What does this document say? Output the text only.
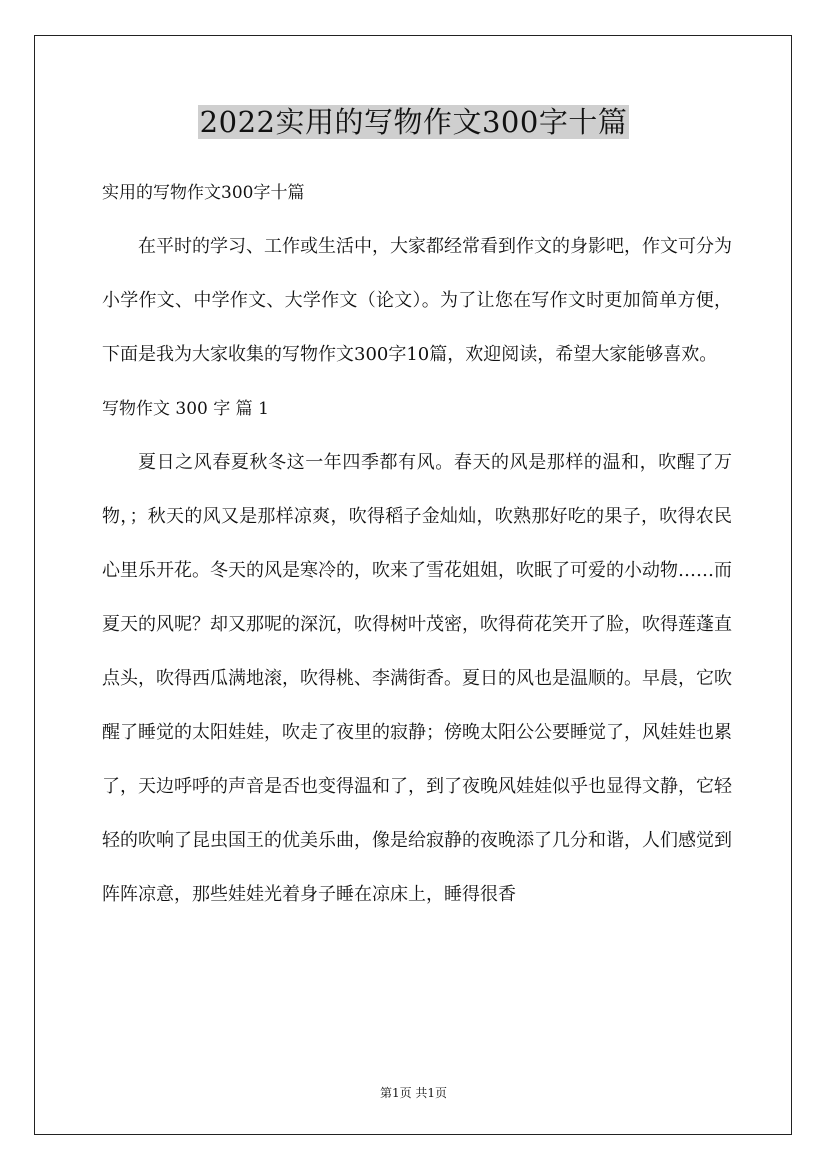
2022实用的写物作文300字十篇

实用的写物作文300字十篇

在平时的学习、工作或生活中，大家都经常看到作文的身影吧，作文可分为小学作文、中学作文、大学作文（论文）。为了让您在写作文时更加简单方便，下面是我为大家收集的写物作文300字10篇，欢迎阅读，希望大家能够喜欢。

写物作文 300 字 篇 1

夏日之风春夏秋冬这一年四季都有风。春天的风是那样的温和，吹醒了万物，；秋天的风又是那样凉爽，吹得稻子金灿灿，吹熟那好吃的果子，吹得农民心里乐开花。冬天的风是寒冷的，吹来了雪花姐姐，吹眠了可爱的小动物……而夏天的风呢？却又那呢的深沉，吹得树叶茂密，吹得荷花笑开了脸，吹得莲蓬直点头，吹得西瓜满地滚，吹得桃、李满街香。夏日的风也是温顺的。早晨，它吹醒了睡觉的太阳娃娃，吹走了夜里的寂静；傍晚太阳公公要睡觉了，风娃娃也累了，天边呼呼的声音是否也变得温和了，到了夜晚风娃娃似乎也显得文静，它轻轻的吹响了昆虫国王的优美乐曲，像是给寂静的夜晚添了几分和谐，人们感觉到阵阵凉意，那些娃娃光着身子睡在凉床上，睡得很香

第1页 共1页
